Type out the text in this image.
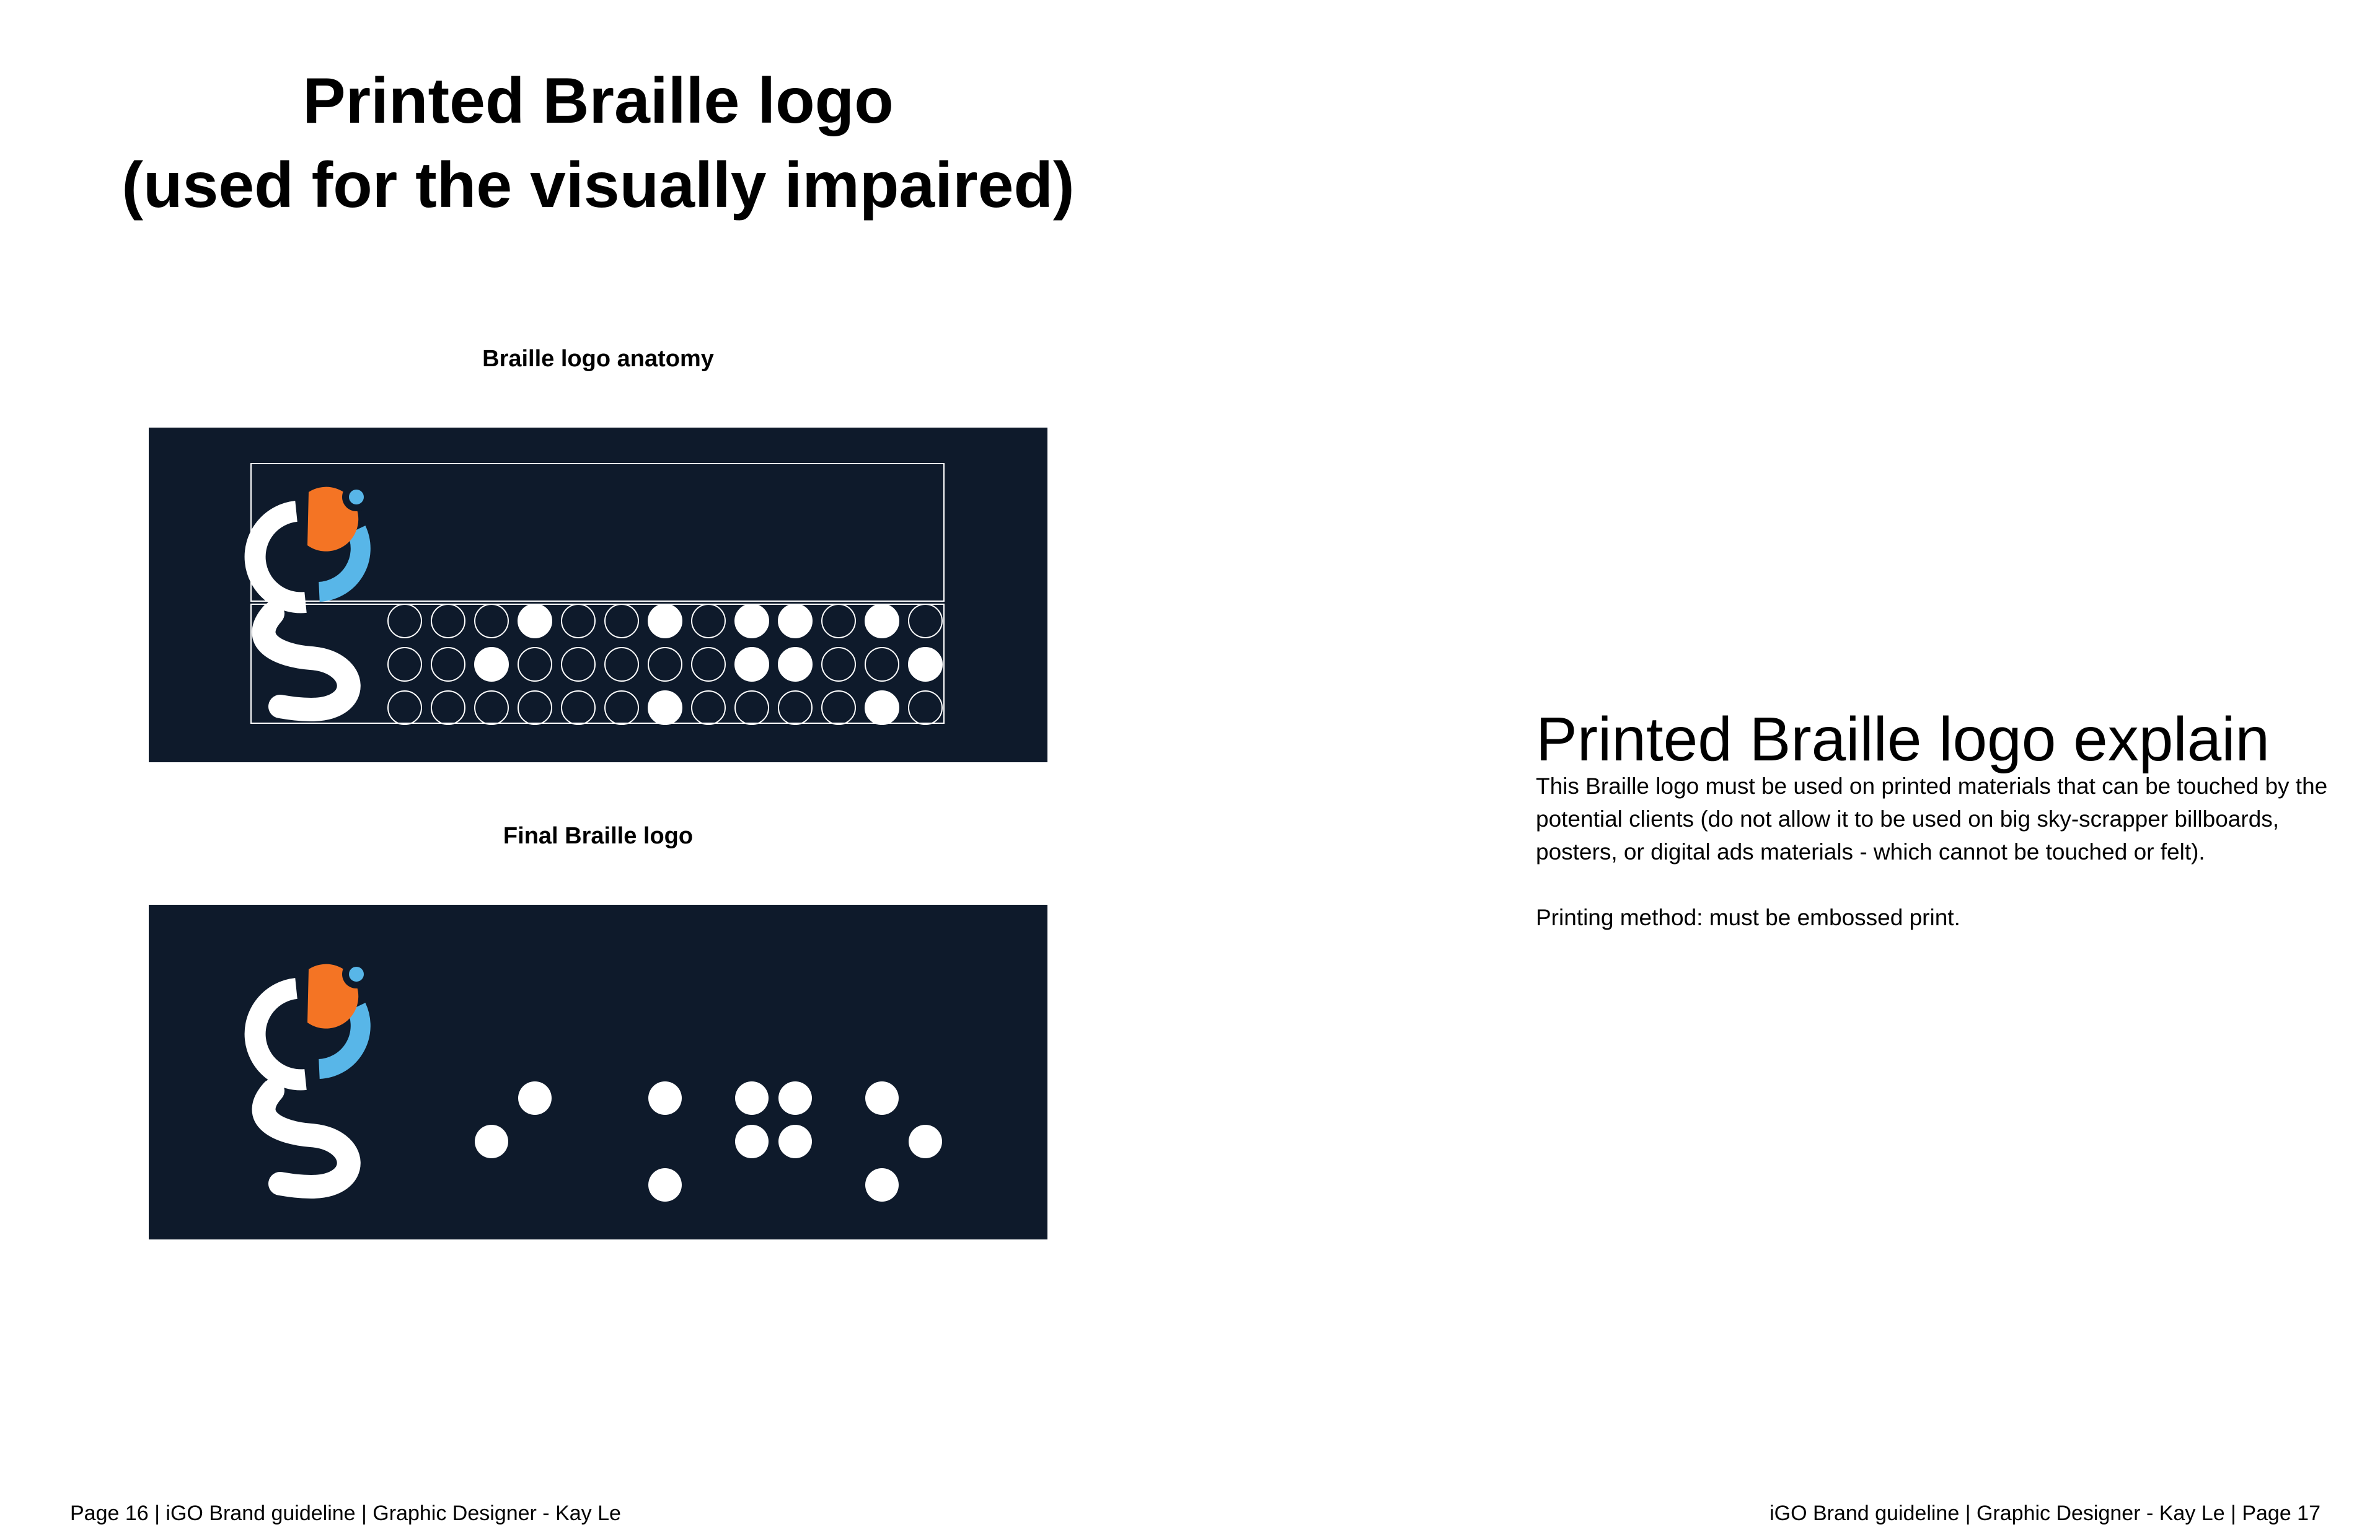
Printed Braille logo
(used for the visually impaired)
Braille logo anatomy
Final Braille logo
Printed Braille logo explain

This Braille logo must be used on printed materials that can be touched by the potential clients (do not allow it to be used on big sky-scrapper billboards, posters, or digital ads materials - which cannot be touched or felt).

Printing method: must be embossed print.

Page 16 | iGO Brand guideline | Graphic Designer - Kay Le	iGO Brand guideline | Graphic Designer - Kay Le | Page 17
